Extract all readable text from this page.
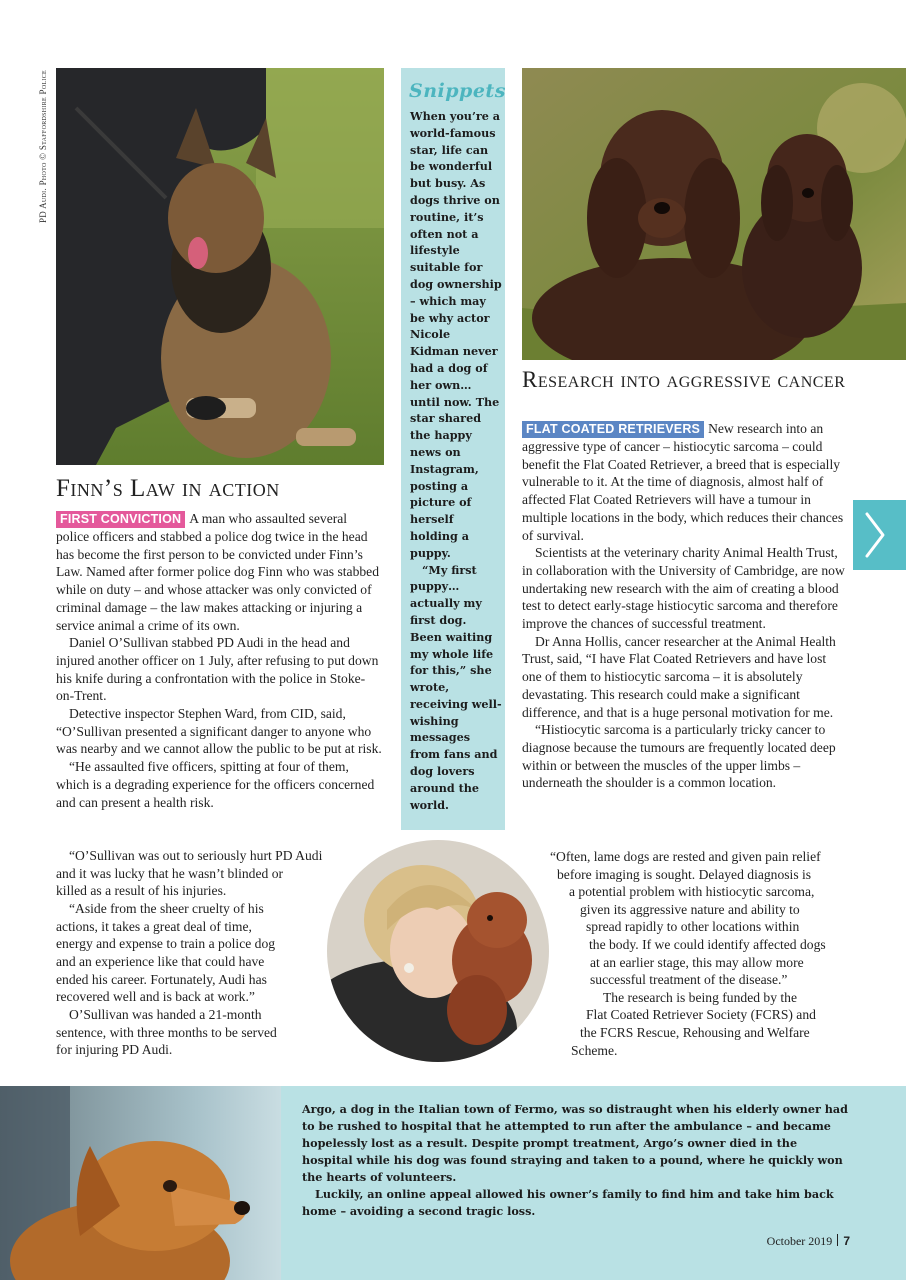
PD Audi. Photo © Staffordshire Police
Finn’s Law in action

FIRST CONVICTION A man who assaulted several police officers and stabbed a police dog twice in the head has become the first person to be convicted under Finn’s Law. Named after former police dog Finn who was stabbed while on duty – and whose attacker was only convicted of criminal damage – the law makes attacking or injuring a service animal a crime of its own.

Daniel O’Sullivan stabbed PD Audi in the head and injured another officer on 1 July, after refusing to put down his knife during a confrontation with the police in Stoke-on-Trent.

Detective inspector Stephen Ward, from CID, said, “O’Sullivan presented a significant danger to anyone who was nearby and we cannot allow the public to be put at risk.

“He assaulted five officers, spitting at four of them, which is a degrading experience for the officers concerned and can present a health risk.

“O’Sullivan was out to seriously hurt PD Audi
and it was lucky that he wasn’t blinded or
killed as a result of his injuries.
“Aside from the sheer cruelty of his
actions, it takes a great deal of time,
energy and expense to train a police dog
and an experience like that could have
ended his career. Fortunately, Audi has
recovered well and is back at work.”
O’Sullivan was handed a 21-month
sentence, with three months to be served
for injuring PD Audi.
Snippets

When you’re a world-famous star, life can be wonderful but busy. As dogs thrive on routine, it’s often not a lifestyle suitable for dog ownership – which may be why actor Nicole Kidman never had a dog of her own… until now. The star shared the happy news on Instagram, posting a picture of herself holding a puppy.

“My first puppy… actually my first dog. Been waiting my whole life for this,” she wrote, receiving well-wishing messages from fans and dog lovers around the world.

Research into aggressive cancer

FLAT COATED RETRIEVERS New research into an aggressive type of cancer – histiocytic sarcoma – could benefit the Flat Coated Retriever, a breed that is especially vulnerable to it. At the time of diagnosis, almost half of affected Flat Coated Retrievers will have a tumour in multiple locations in the body, which reduces their chances of survival.

Scientists at the veterinary charity Animal Health Trust, in collaboration with the University of Cambridge, are now undertaking new research with the aim of creating a blood test to detect early-stage histiocytic sarcoma and therefore improve the chances of successful treatment.

Dr Anna Hollis, cancer researcher at the Animal Health Trust, said, “I have Flat Coated Retrievers and have lost one of them to histiocytic sarcoma – it is absolutely devastating. This research could make a significant difference, and that is a huge personal motivation for me.

“Histiocytic sarcoma is a particularly tricky cancer to diagnose because the tumours are frequently located deep within or between the muscles of the upper limbs – underneath the shoulder is a common location.

“Often, lame dogs are rested and given pain relief
before imaging is sought. Delayed diagnosis is
a potential problem with histiocytic sarcoma,
given its aggressive nature and ability to
spread rapidly to other locations within
the body. If we could identify affected dogs
at an earlier stage, this may allow more
successful treatment of the disease.”
The research is being funded by the
Flat Coated Retriever Society (FCRS) and
the FCRS Rescue, Rehousing and Welfare
Scheme.

Argo, a dog in the Italian town of Fermo, was so distraught when his elderly owner had to be rushed to hospital that he attempted to run after the ambulance – and became hopelessly lost as a result. Despite prompt treatment, Argo’s owner died in the hospital while his dog was found straying and taken to a pound, where he quickly won the hearts of volunteers.

Luckily, an online appeal allowed his owner’s family to find him and take him back home – avoiding a second tragic loss.

October 2019 7
